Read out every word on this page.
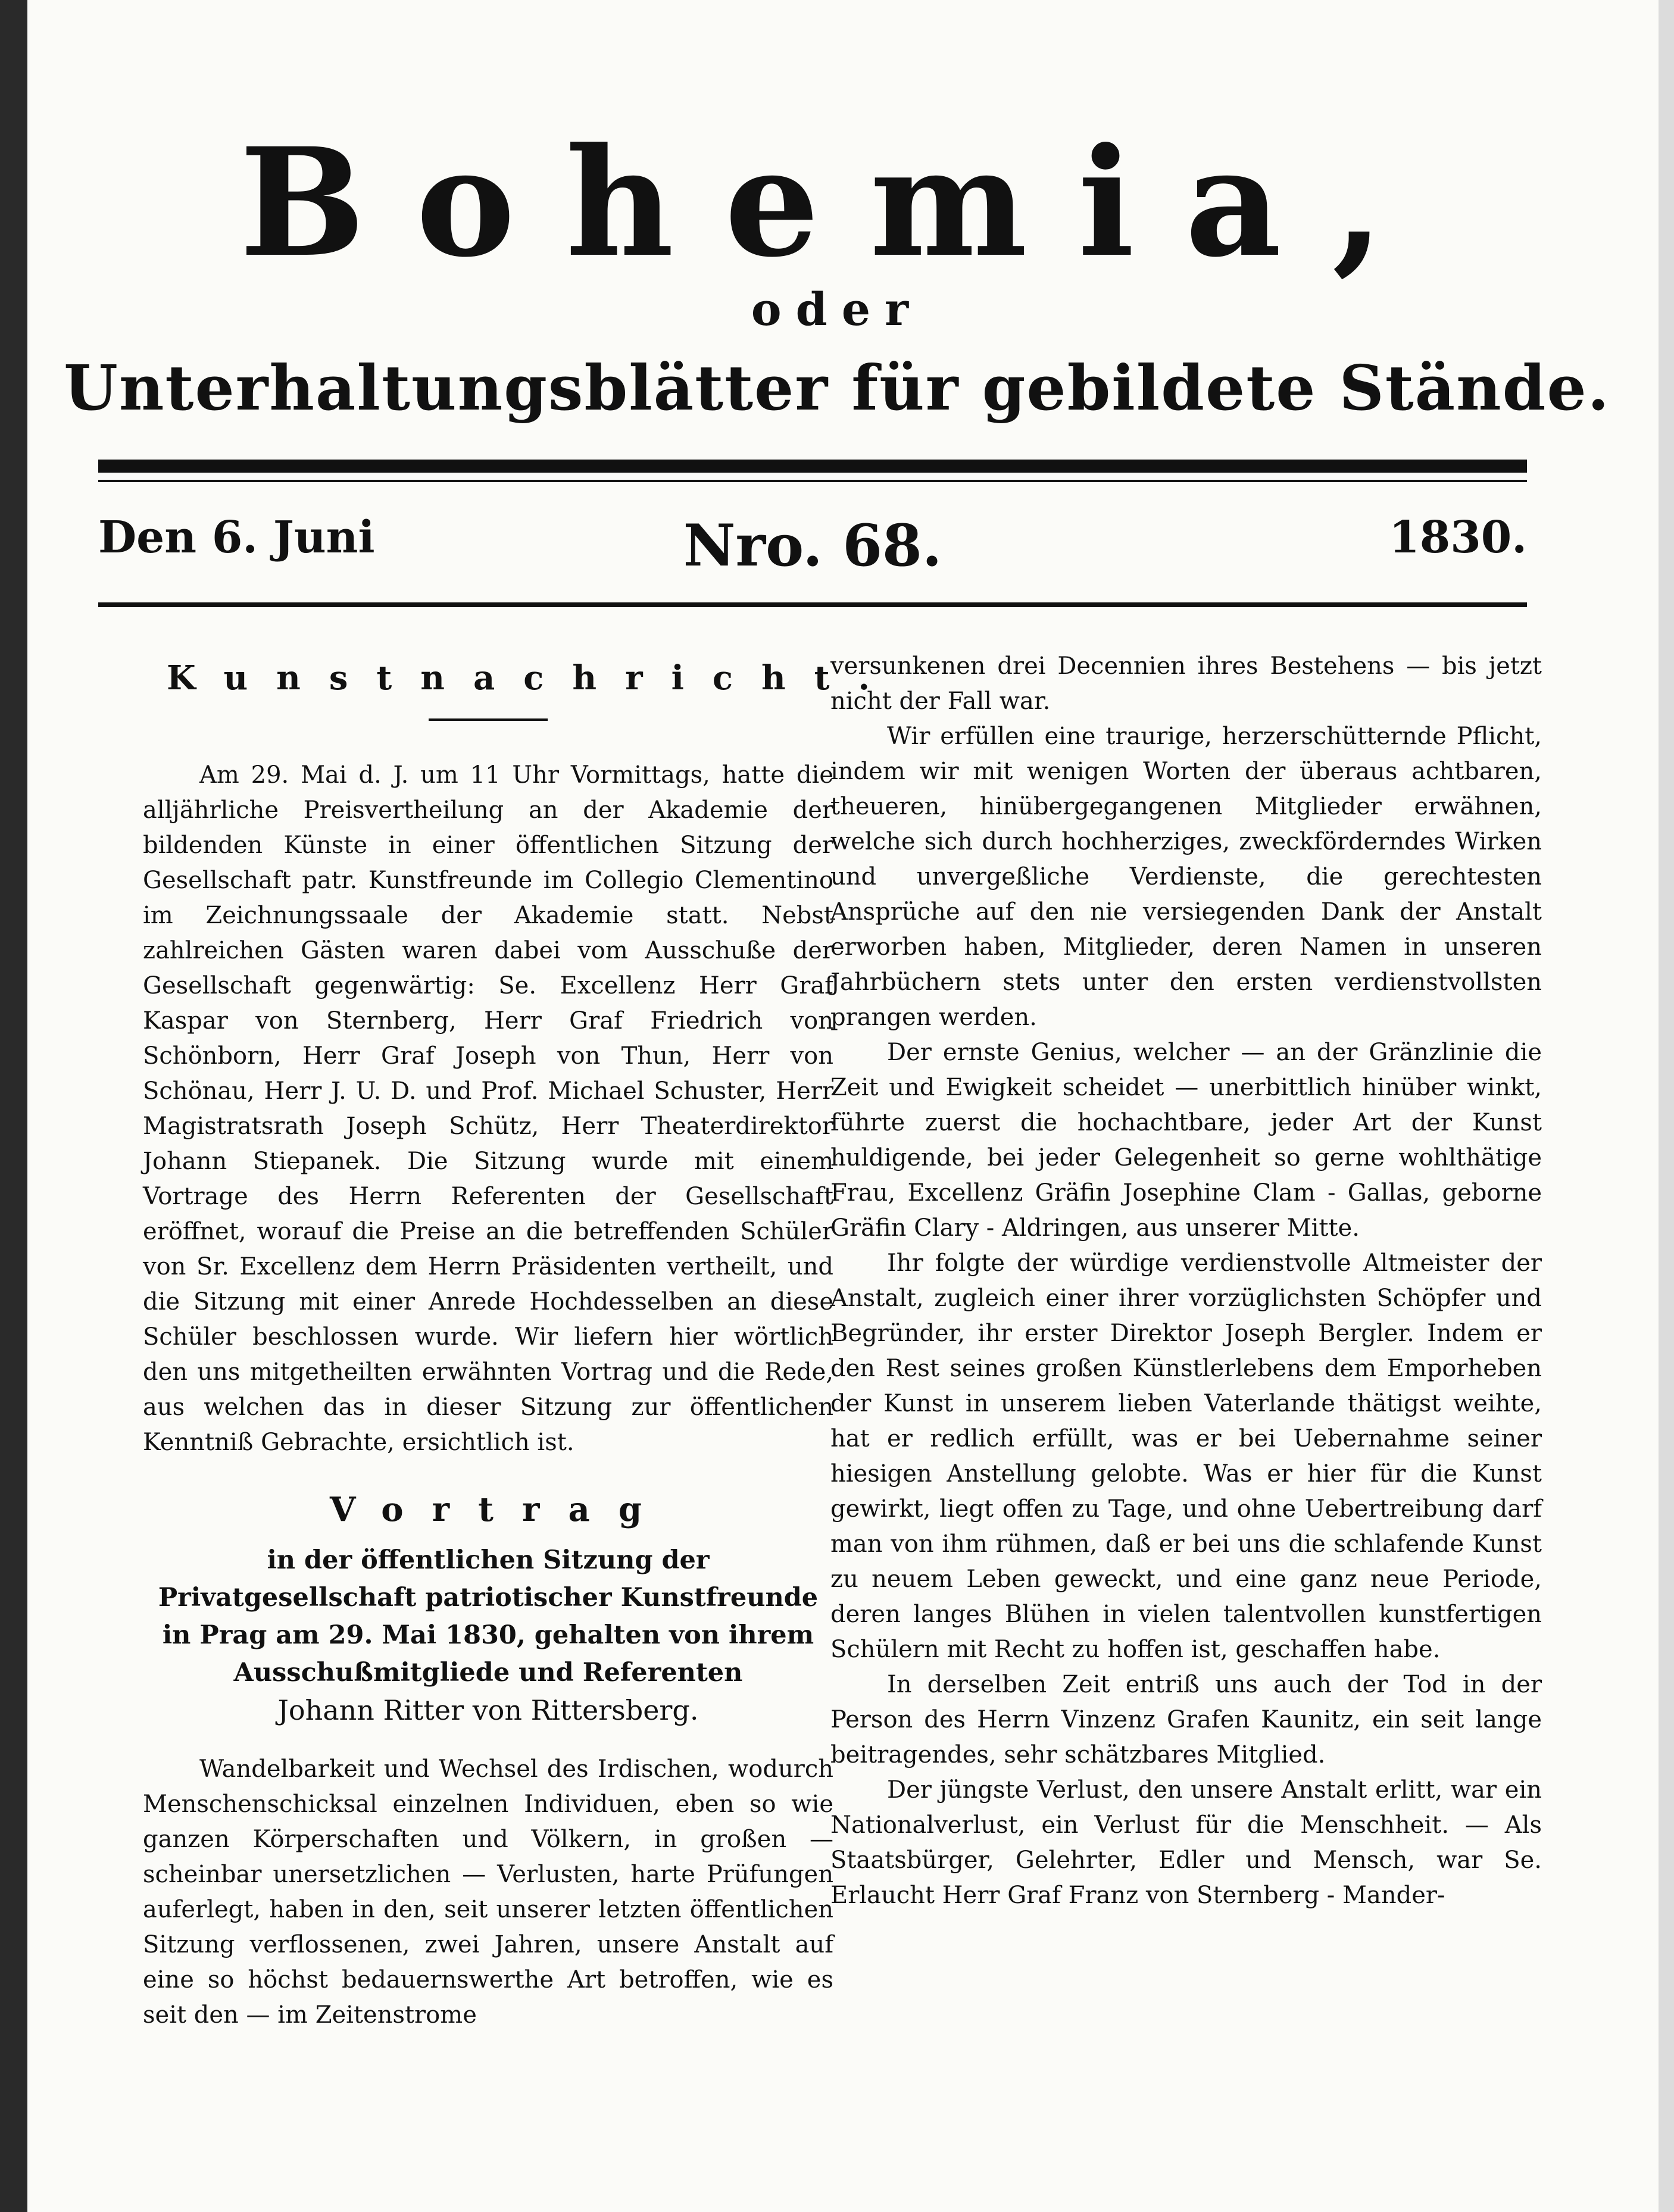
Bohemia,
oder
Unterhaltungsblätter für gebildete Stände.
Den 6. Juni	Nro. 68.	1830.
Kunstnachricht.

Am 29. Mai d. J. um 11 Uhr Vormittags, hatte die alljährliche Preisvertheilung an der Akademie der bildenden Künste in einer öffentlichen Sitzung der Gesellschaft patr. Kunstfreunde im Collegio Clementino im Zeichnungssaale der Akademie statt. Nebst zahlreichen Gästen waren dabei vom Ausschuße der Gesellschaft gegenwärtig: Se. Excellenz Herr Graf Kaspar von Sternberg, Herr Graf Friedrich von Schönborn, Herr Graf Joseph von Thun, Herr von Schönau, Herr J. U. D. und Prof. Michael Schuster, Herr Magistratsrath Joseph Schütz, Herr Theaterdirektor Johann Stiepanek. Die Sitzung wurde mit einem Vortrage des Herrn Referenten der Gesellschaft eröffnet, worauf die Preise an die betreffenden Schüler von Sr. Excellenz dem Herrn Präsidenten vertheilt, und die Sitzung mit einer Anrede Hochdesselben an diese Schüler beschlossen wurde. Wir liefern hier wörtlich den uns mitgetheilten erwähnten Vortrag und die Rede, aus welchen das in dieser Sitzung zur öffentlichen Kenntniß Gebrachte, ersichtlich ist.

Vortrag
in der öffentlichen Sitzung der Privatgesellschaft patriotischer Kunstfreunde in Prag am 29. Mai 1830, gehalten von ihrem Ausschußmitgliede und Referenten
Johann Ritter von Rittersberg.

Wandelbarkeit und Wechsel des Irdischen, wodurch Menschenschicksal einzelnen Individuen, eben so wie ganzen Körperschaften und Völkern, in großen — scheinbar unersetzlichen — Verlusten, harte Prüfungen auferlegt, haben in den, seit unserer letzten öffentlichen Sitzung verflossenen, zwei Jahren, unsere Anstalt auf eine so höchst bedauernswerthe Art betroffen, wie es seit den — im Zeitenstrome

versunkenen drei Decennien ihres Bestehens — bis jetzt nicht der Fall war.

Wir erfüllen eine traurige, herzerschütternde Pflicht, indem wir mit wenigen Worten der überaus achtbaren, theueren, hinübergegangenen Mitglieder erwähnen, welche sich durch hochherziges, zweckförderndes Wirken und unvergeßliche Verdienste, die gerechtesten Ansprüche auf den nie versiegenden Dank der Anstalt erworben haben, Mitglieder, deren Namen in unseren Jahrbüchern stets unter den ersten verdienstvollsten prangen werden.

Der ernste Genius, welcher — an der Gränzlinie die Zeit und Ewigkeit scheidet — unerbittlich hinüber winkt, führte zuerst die hochachtbare, jeder Art der Kunst huldigende, bei jeder Gelegenheit so gerne wohlthätige Frau, Excellenz Gräfin Josephine Clam - Gallas, geborne Gräfin Clary - Aldringen, aus unserer Mitte.

Ihr folgte der würdige verdienstvolle Altmeister der Anstalt, zugleich einer ihrer vorzüglichsten Schöpfer und Begründer, ihr erster Direktor Joseph Bergler. Indem er den Rest seines großen Künstlerlebens dem Emporheben der Kunst in unserem lieben Vaterlande thätigst weihte, hat er redlich erfüllt, was er bei Uebernahme seiner hiesigen Anstellung gelobte. Was er hier für die Kunst gewirkt, liegt offen zu Tage, und ohne Uebertreibung darf man von ihm rühmen, daß er bei uns die schlafende Kunst zu neuem Leben geweckt, und eine ganz neue Periode, deren langes Blühen in vielen talentvollen kunstfertigen Schülern mit Recht zu hoffen ist, geschaffen habe.

In derselben Zeit entriß uns auch der Tod in der Person des Herrn Vinzenz Grafen Kaunitz, ein seit lange beitragendes, sehr schätzbares Mitglied.

Der jüngste Verlust, den unsere Anstalt erlitt, war ein Nationalverlust, ein Verlust für die Menschheit. — Als Staatsbürger, Gelehrter, Edler und Mensch, war Se. Erlaucht Herr Graf Franz von Sternberg - Mander-
